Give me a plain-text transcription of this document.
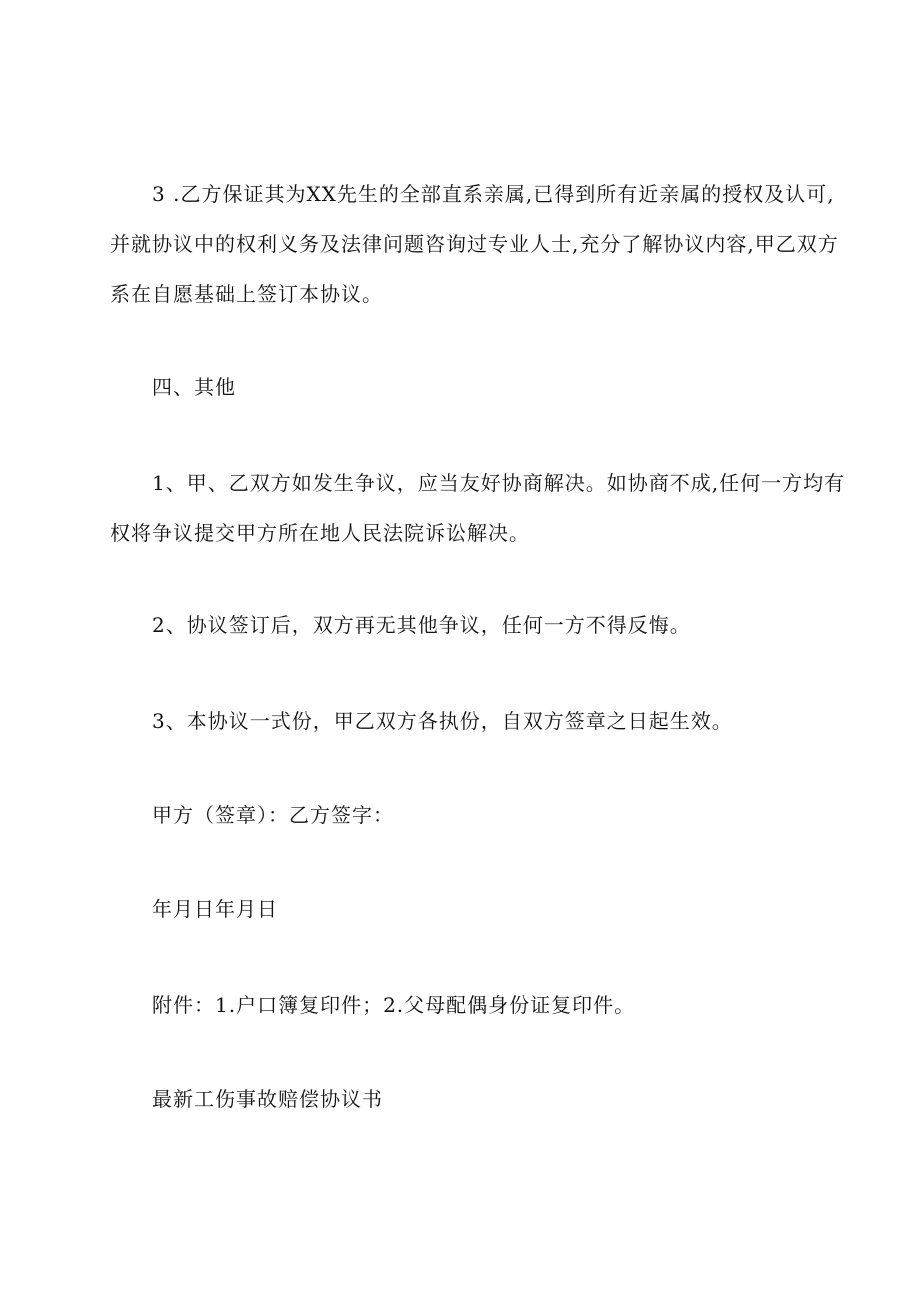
3 .乙方保证其为XX先生的全部直系亲属,已得到所有近亲属的授权及认可,
并就协议中的权利义务及法律问题咨询过专业人士,充分了解协议内容,甲乙双方
系在自愿基础上签订本协议。
四、其他
1、甲、乙双方如发生争议，应当友好协商解决。如协商不成,任何一方均有
权将争议提交甲方所在地人民法院诉讼解决。
2、协议签订后，双方再无其他争议，任何一方不得反悔。
3、本协议一式份，甲乙双方各执份，自双方签章之日起生效。
甲方（签章）：乙方签字：
年月日年月日
附件：1.户口簿复印件；2.父母配偶身份证复印件。
最新工伤事故赔偿协议书
